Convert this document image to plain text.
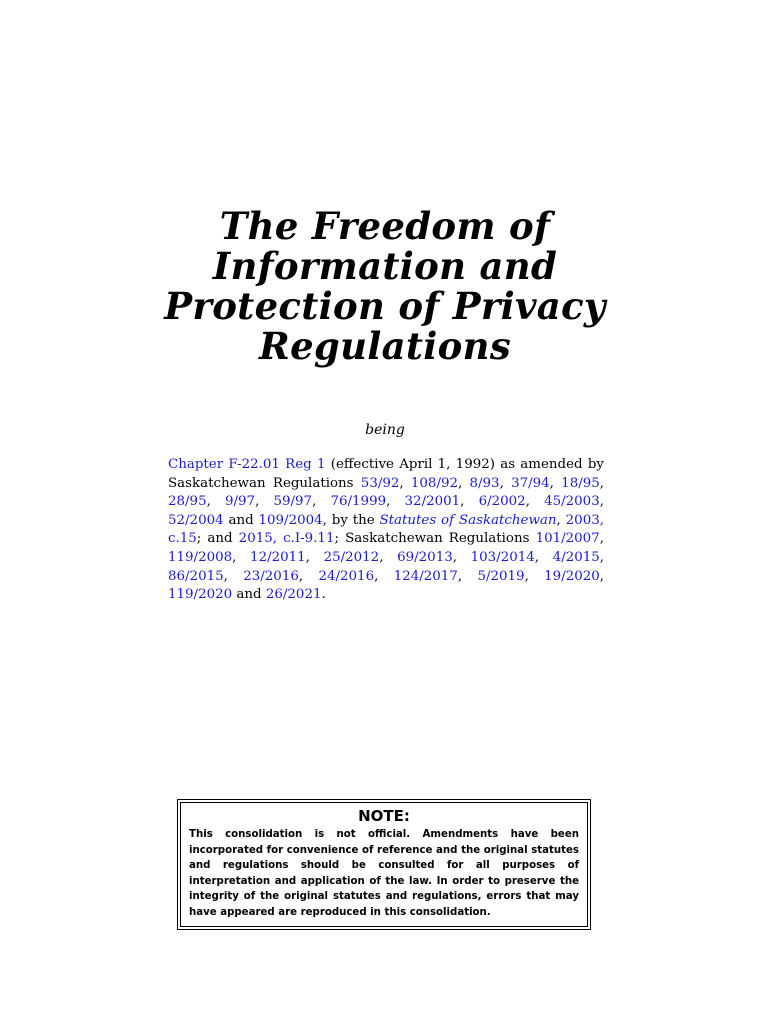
The Freedom of
Information and
Protection of Privacy
Regulations

being

Chapter F-22.01 Reg 1 (effective April 1, 1992) as amended by Saskatchewan Regulations 53/92, 108/92, 8/93, 37/94, 18/95, 28/95, 9/97, 59/97, 76/1999, 32/2001, 6/2002, 45/2003, 52/2004 and 109/2004, by the Statutes of Saskatchewan, 2003, c.15; and 2015, c.I-9.11; Saskatchewan Regulations 101/2007, 119/2008, 12/2011, 25/2012, 69/2013, 103/2014, 4/2015, 86/2015, 23/2016, 24/2016, 124/2017, 5/2019, 19/2020, 119/2020 and 26/2021.

NOTE:

This consolidation is not official. Amendments have been incorporated for convenience of reference and the original statutes and regulations should be consulted for all purposes of interpretation and application of the law. In order to preserve the integrity of the original statutes and regulations, errors that may have appeared are reproduced in this consolidation.
